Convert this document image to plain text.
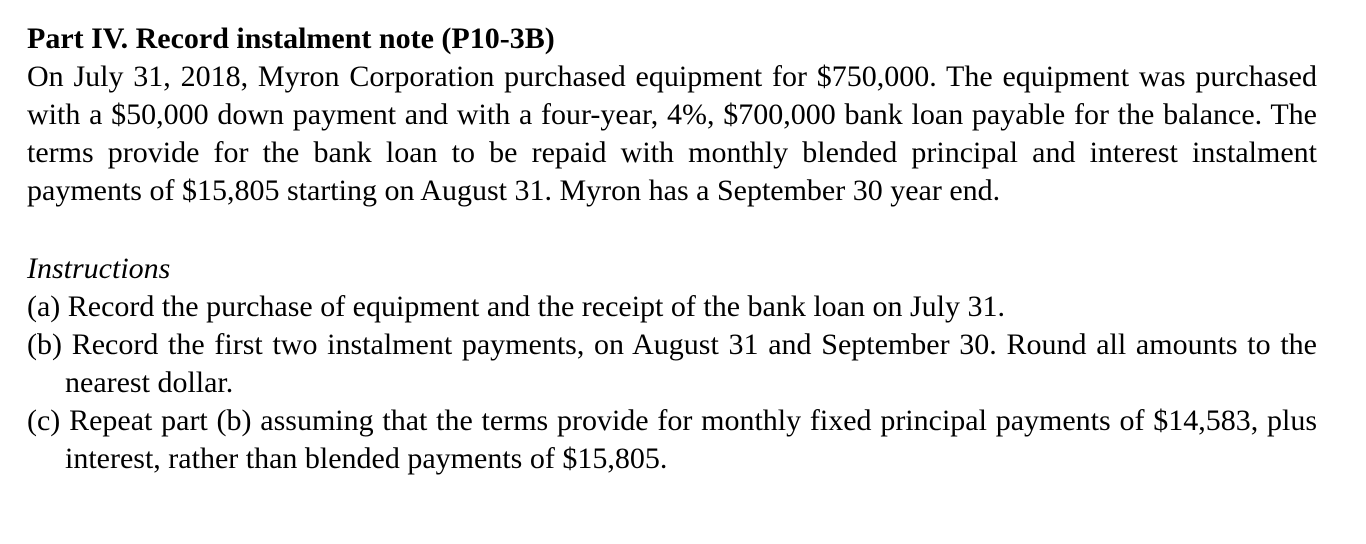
Part IV. Record instalment note (P10-3B)

On July 31, 2018, Myron Corporation purchased equipment for $750,000. The equipment was purchased with a $50,000 down payment and with a four-year, 4%, $700,000 bank loan payable for the balance. The terms provide for the bank loan to be repaid with monthly blended principal and interest instalment payments of $15,805 starting on August 31. Myron has a September 30 year end.

Instructions

(a) Record the purchase of equipment and the receipt of the bank loan on July 31.
(b) Record the first two instalment payments, on August 31 and September 30. Round all amounts to the nearest dollar.
(c) Repeat part (b) assuming that the terms provide for monthly fixed principal payments of $14,583, plus interest, rather than blended payments of $15,805.
